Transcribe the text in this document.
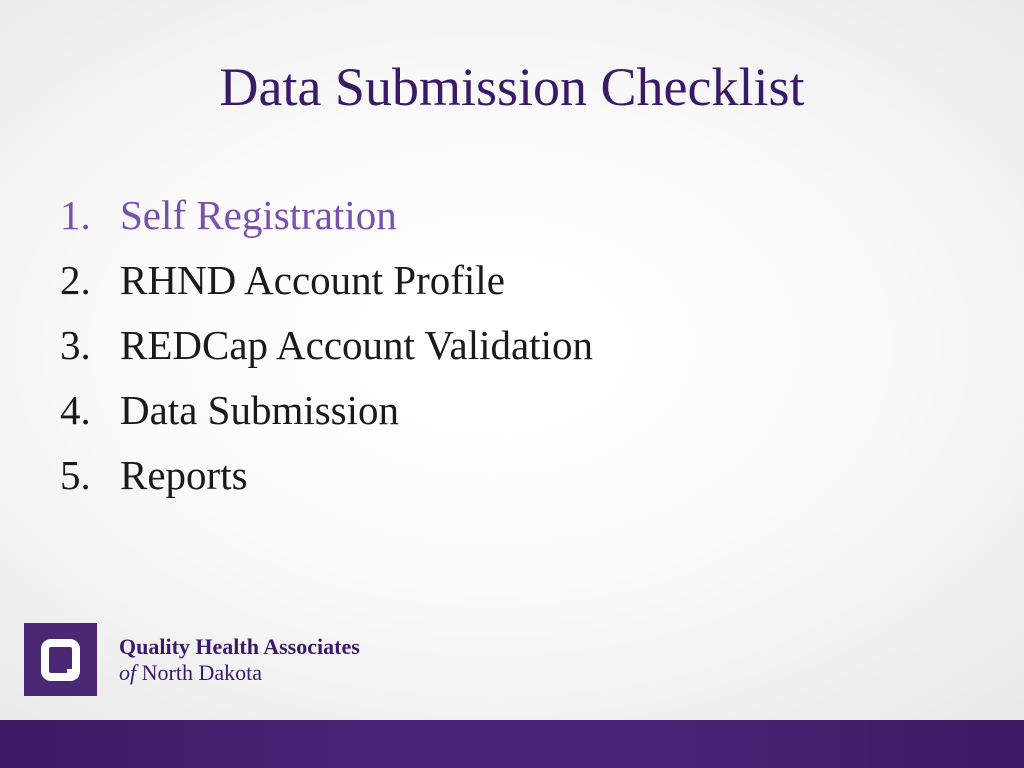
Data Submission Checklist
1. Self Registration
2. RHND Account Profile
3. REDCap Account Validation
4. Data Submission
5. Reports
Quality Health Associates
of North Dakota
